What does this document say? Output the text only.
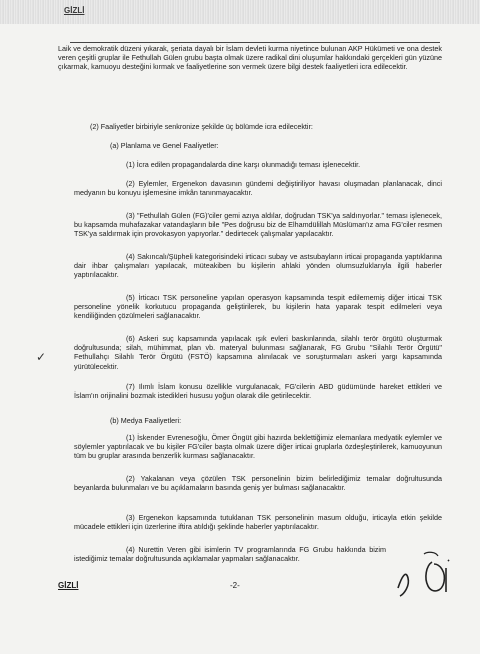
GİZLİ
Laik ve demokratik düzeni yıkarak, şeriata dayalı bir İslam devleti kurma niyetince bulunan AKP Hükümeti ve ona destek veren çeşitli gruplar ile Fethullah Gülen grubu başta olmak üzere radikal dini oluşumlar hakkındaki gerçekleri gün yüzüne çıkarmak, kamuoyu desteğini kırmak ve faaliyetlerine son vermek üzere bilgi destek faaliyetleri icra edilecektir.
(2) Faaliyetler birbiriyle senkronize şekilde üç bölümde icra edilecektir:
(a) Planlama ve Genel Faaliyetler:
(1) İcra edilen propagandalarda dine karşı olunmadığı teması işlenecektir.
(2) Eylemler, Ergenekon davasının gündemi değiştiriliyor havası oluşmadan planlanacak, dinci medyanın bu konuyu işlemesine imkân tanınmayacaktır.
(3) "Fethullah Gülen (FG)'ciler gemi azıya aldılar, doğrudan TSK'ya saldırıyorlar." teması işlenecek, bu kapsamda muhafazakar vatandaşların bile "Pes doğrusu biz de Elhamdülillah Müslüman'ız ama FG'ciler resmen TSK'ya saldırmak için provokasyon yapıyorlar." dedirtecek çalışmalar yapılacaktır.
(4) Sakıncalı/Şüpheli kategorisindeki irticacı subay ve astsubayların irticai propaganda yaptıklarına dair ihbar çalışmaları yapılacak, müteakiben bu kişilerin ahlaki yönden olumsuzluklarıyla ilgili haberler yaptırılacaktır.
(5) İrticacı TSK personeline yapılan operasyon kapsamında tespit edilememiş diğer irticai TSK personeline yönelik korkutucu propaganda geliştirilerek, bu kişilerin hata yaparak tespit edilmeleri veya kendiliğinden çözülmeleri sağlanacaktır.
✓
(6) Askeri suç kapsamında yapılacak ışık evleri baskınlarında, silahlı terör örgütü oluşturmak doğrultusunda; silah, mühimmat, plan vb. materyal bulunması sağlanarak, FG Grubu "Silahlı Terör Örgütü" Fethullahçı Silahlı Terör Örgütü (FSTÖ) kapsamına alınılacak ve soruşturmaları askeri yargı kapsamında yürütülecektir.
(7) Ilımlı İslam konusu özellikle vurgulanacak, FG'cilerin ABD güdümünde hareket ettikleri ve İslam'ın orijinalini bozmak istedikleri hususu yoğun olarak dile getirilecektir.
(b) Medya Faaliyetleri:
(1) İskender Evrenesoğlu, Ömer Öngüt gibi hazırda beklettiğimiz elemanlara medyatik eylemler ve söylemler yaptırılacak ve bu kişiler FG'ciler başta olmak üzere diğer irticai gruplarla özdeşleştirilerek, kamuoyunun tüm bu gruplar arasında benzerlik kurması sağlanacaktır.
(2) Yakalanan veya çözülen TSK personelinin bizim belirlediğimiz temalar doğrultusunda beyanlarda bulunmaları ve bu açıklamaların basında geniş yer bulması sağlanacaktır.
(3) Ergenekon kapsamında tutuklanan TSK personelinin masum olduğu, irticayla etkin şekilde mücadele ettikleri için üzerlerine iftira atıldığı şeklinde haberler yaptırılacaktır.
(4) Nurettin Veren gibi isimlerin TV programlarında FG Grubu hakkında bizim istediğimiz temalar doğrultusunda açıklamalar yapmaları sağlanacaktır.
GİZLİ	-2-
